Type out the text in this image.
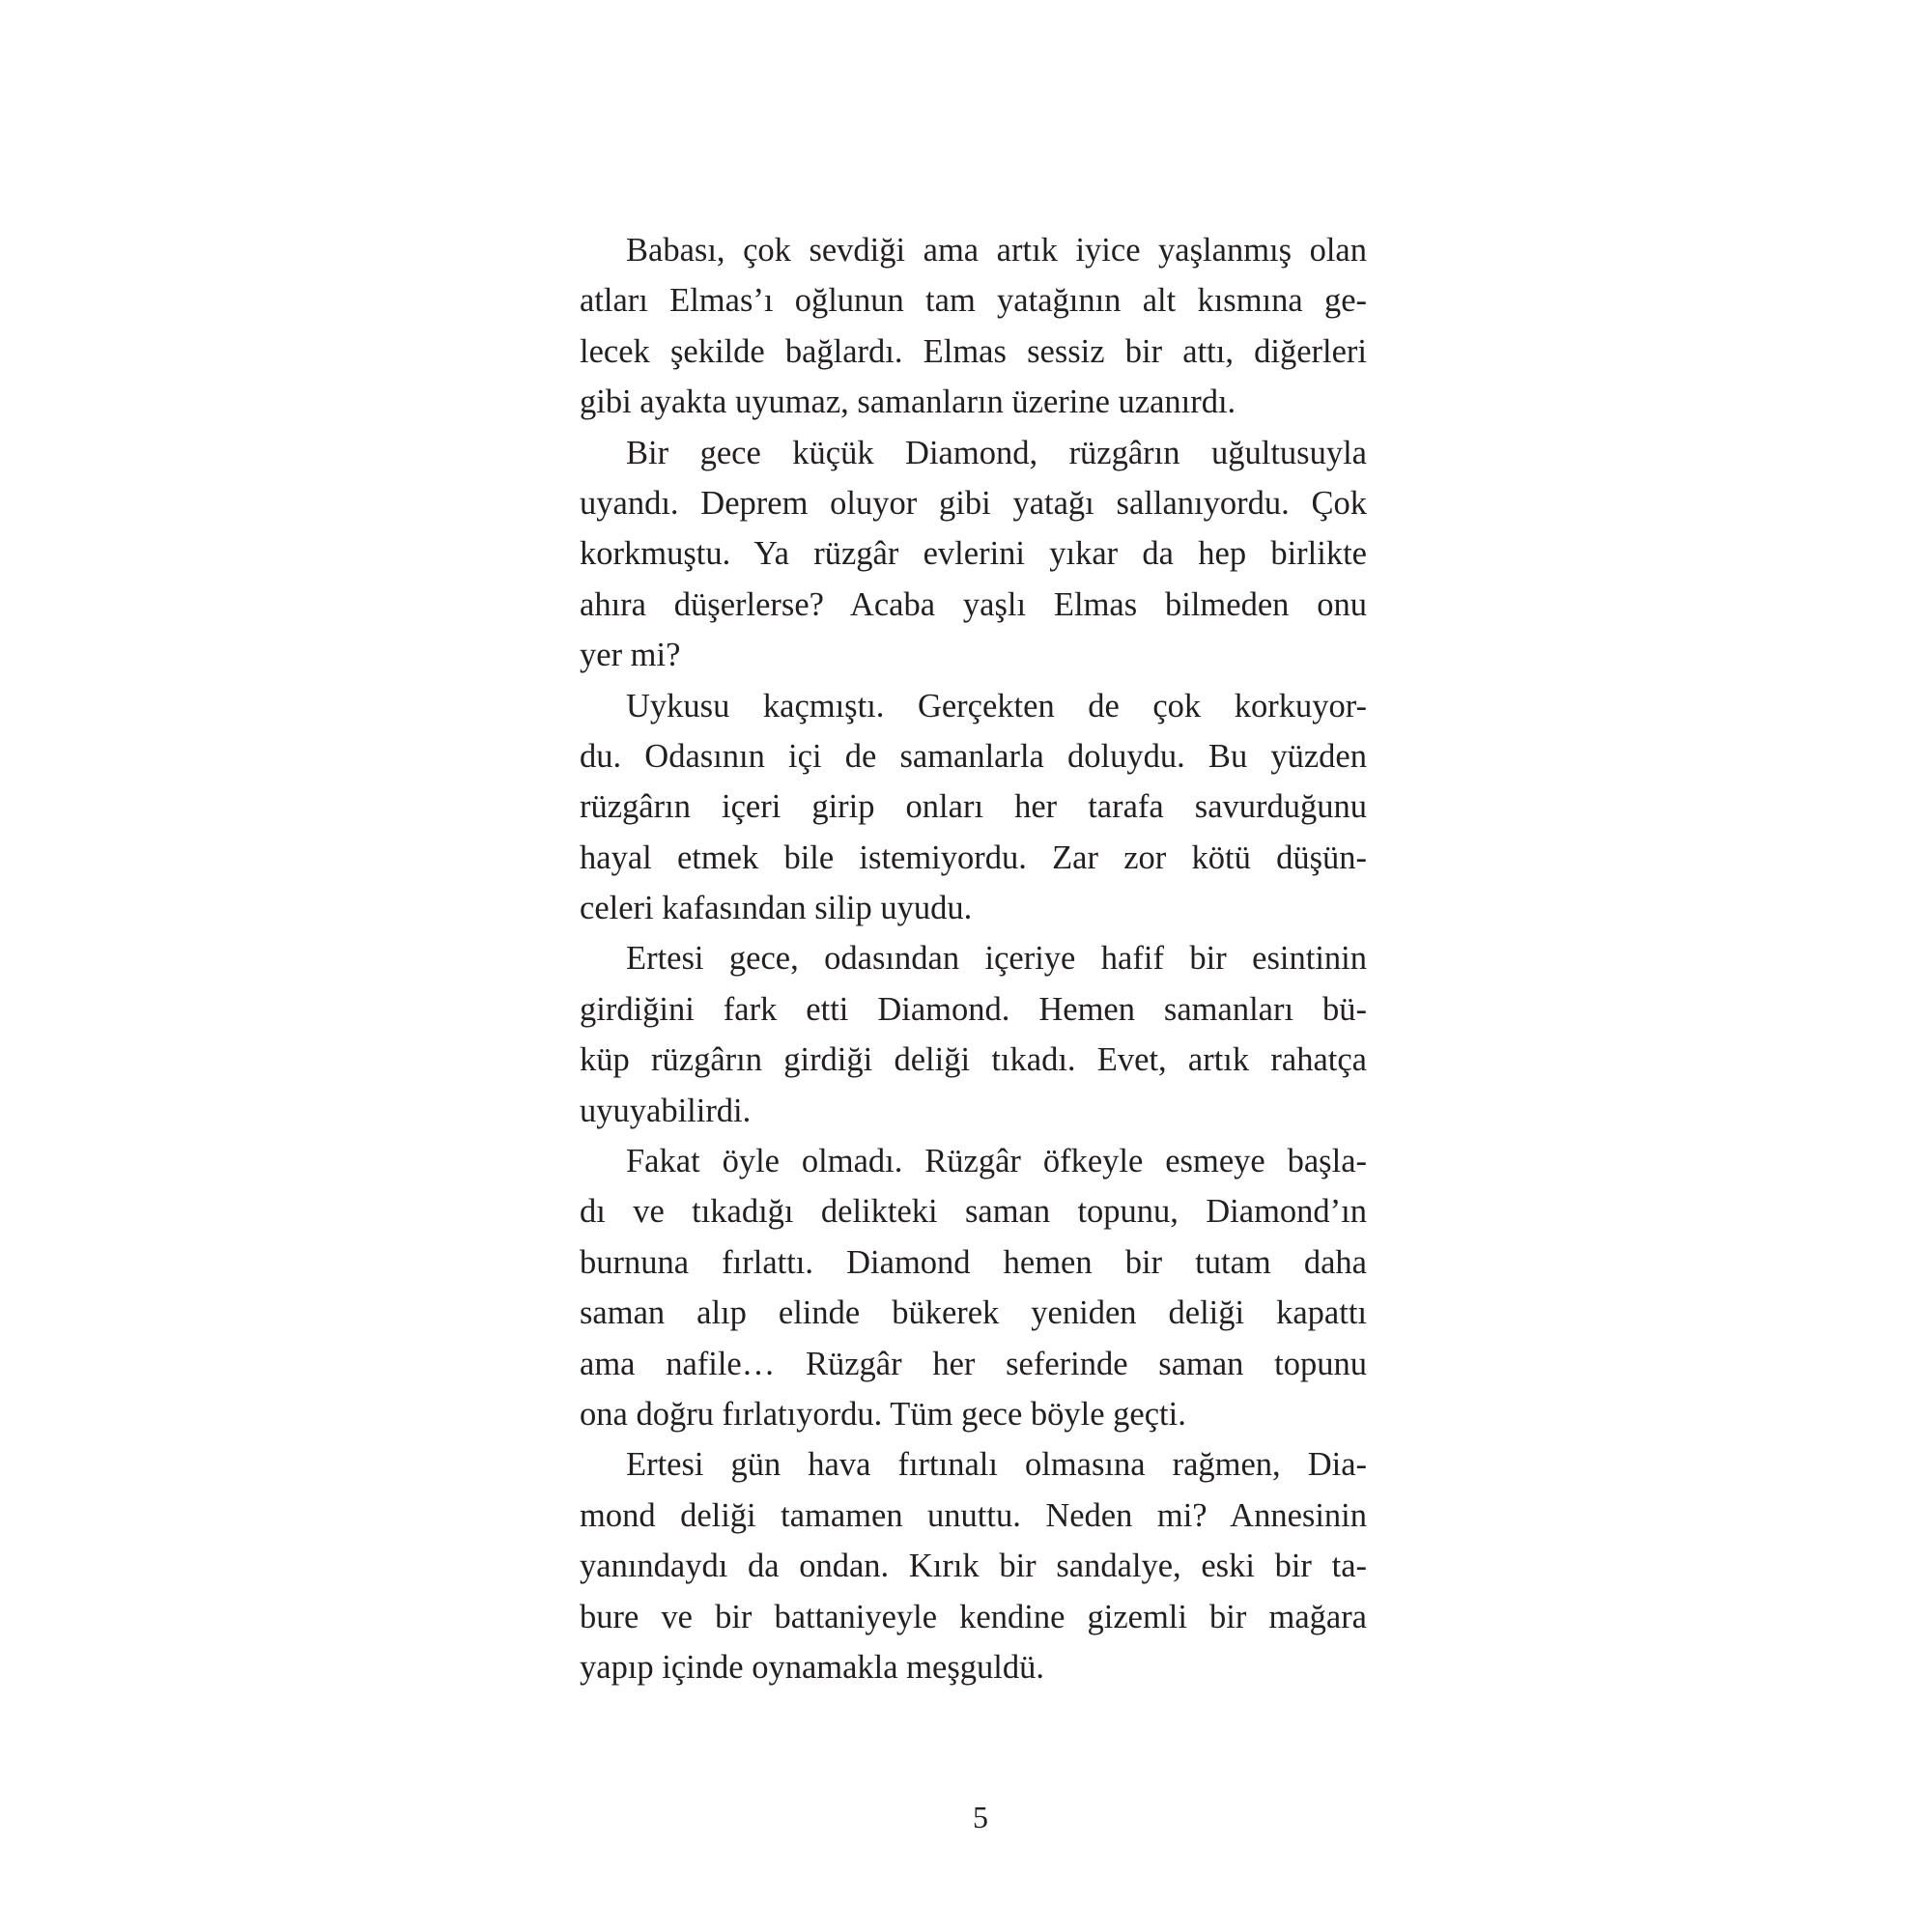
Babası, çok sevdiği ama artık iyice yaşlanmış olan
atları Elmas’ı oğlunun tam yatağının alt kısmına ge-
lecek şekilde bağlardı. Elmas sessiz bir attı, diğerleri
gibi ayakta uyumaz, samanların üzerine uzanırdı.
Bir gece küçük Diamond, rüzgârın uğultusuyla
uyandı. Deprem oluyor gibi yatağı sallanıyordu. Çok
korkmuştu. Ya rüzgâr evlerini yıkar da hep birlikte
ahıra düşerlerse? Acaba yaşlı Elmas bilmeden onu
yer mi?
Uykusu kaçmıştı. Gerçekten de çok korkuyor-
du. Odasının içi de samanlarla doluydu. Bu yüzden
rüzgârın içeri girip onları her tarafa savurduğunu
hayal etmek bile istemiyordu. Zar zor kötü düşün-
celeri kafasından silip uyudu.
Ertesi gece, odasından içeriye hafif bir esintinin
girdiğini fark etti Diamond. Hemen samanları bü-
küp rüzgârın girdiği deliği tıkadı. Evet, artık rahatça
uyuyabilirdi.
Fakat öyle olmadı. Rüzgâr öfkeyle esmeye başla-
dı ve tıkadığı delikteki saman topunu, Diamond’ın
burnuna fırlattı. Diamond hemen bir tutam daha
saman alıp elinde bükerek yeniden deliği kapattı
ama nafile… Rüzgâr her seferinde saman topunu
ona doğru fırlatıyordu. Tüm gece böyle geçti.
Ertesi gün hava fırtınalı olmasına rağmen, Dia-
mond deliği tamamen unuttu. Neden mi? Annesinin
yanındaydı da ondan. Kırık bir sandalye, eski bir ta-
bure ve bir battaniyeyle kendine gizemli bir mağara
yapıp içinde oynamakla meşguldü.
5
